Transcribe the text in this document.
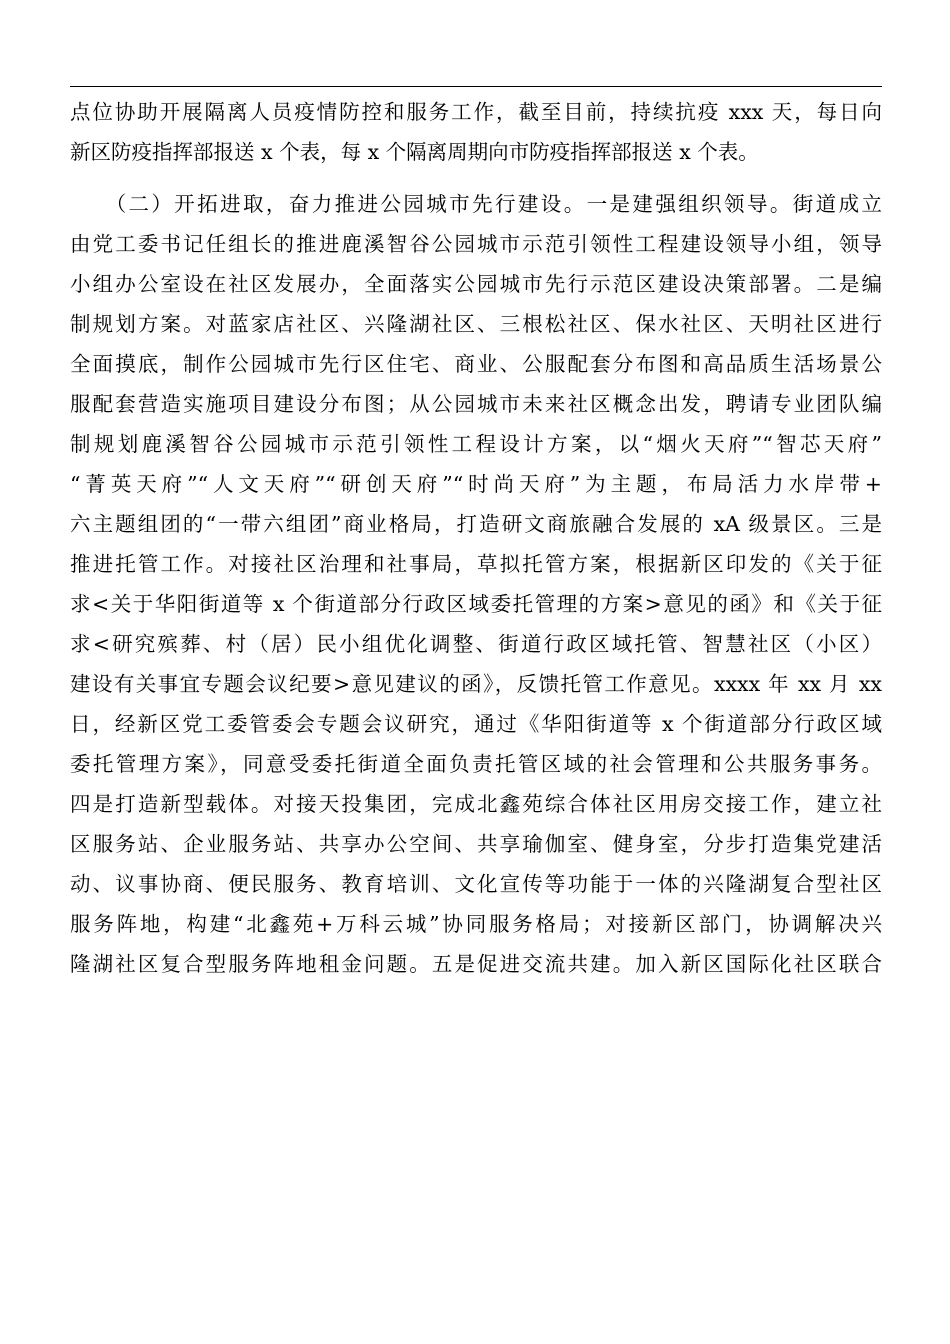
点位协助开展隔离人员疫情防控和服务工作，截至目前，持续抗疫 xxx 天，每日向
新区防疫指挥部报送 x 个表，每 x 个隔离周期向市防疫指挥部报送 x 个表。
　　（二）开拓进取，奋力推进公园城市先行建设。一是建强组织领导。街道成立
由党工委书记任组长的推进鹿溪智谷公园城市示范引领性工程建设领导小组，领导
小组办公室设在社区发展办，全面落实公园城市先行示范区建设决策部署。二是编
制规划方案。对蓝家店社区、兴隆湖社区、三根松社区、保水社区、天明社区进行
全面摸底，制作公园城市先行区住宅、商业、公服配套分布图和高品质生活场景公
服配套营造实施项目建设分布图；从公园城市未来社区概念出发，聘请专业团队编
制规划鹿溪智谷公园城市示范引领性工程设计方案，以“烟火天府”“智芯天府”
“菁英天府”“人文天府”“研创天府”“时尚天府”为主题，布局活力水岸带+
六主题组团的“一带六组团”商业格局，打造研文商旅融合发展的 xA 级景区。三是
推进托管工作。对接社区治理和社事局，草拟托管方案，根据新区印发的《关于征
求<关于华阳街道等 x 个街道部分行政区域委托管理的方案>意见的函》和《关于征
求<研究殡葬、村（居）民小组优化调整、街道行政区域托管、智慧社区（小区）
建设有关事宜专题会议纪要>意见建议的函》，反馈托管工作意见。xxxx 年 xx 月 xx
日，经新区党工委管委会专题会议研究，通过《华阳街道等 x 个街道部分行政区域
委托管理方案》，同意受委托街道全面负责托管区域的社会管理和公共服务事务。
四是打造新型载体。对接天投集团，完成北鑫苑综合体社区用房交接工作，建立社
区服务站、企业服务站、共享办公空间、共享瑜伽室、健身室，分步打造集党建活
动、议事协商、便民服务、教育培训、文化宣传等功能于一体的兴隆湖复合型社区
服务阵地，构建“北鑫苑+万科云城”协同服务格局；对接新区部门，协调解决兴
隆湖社区复合型服务阵地租金问题。五是促进交流共建。加入新区国际化社区联合
